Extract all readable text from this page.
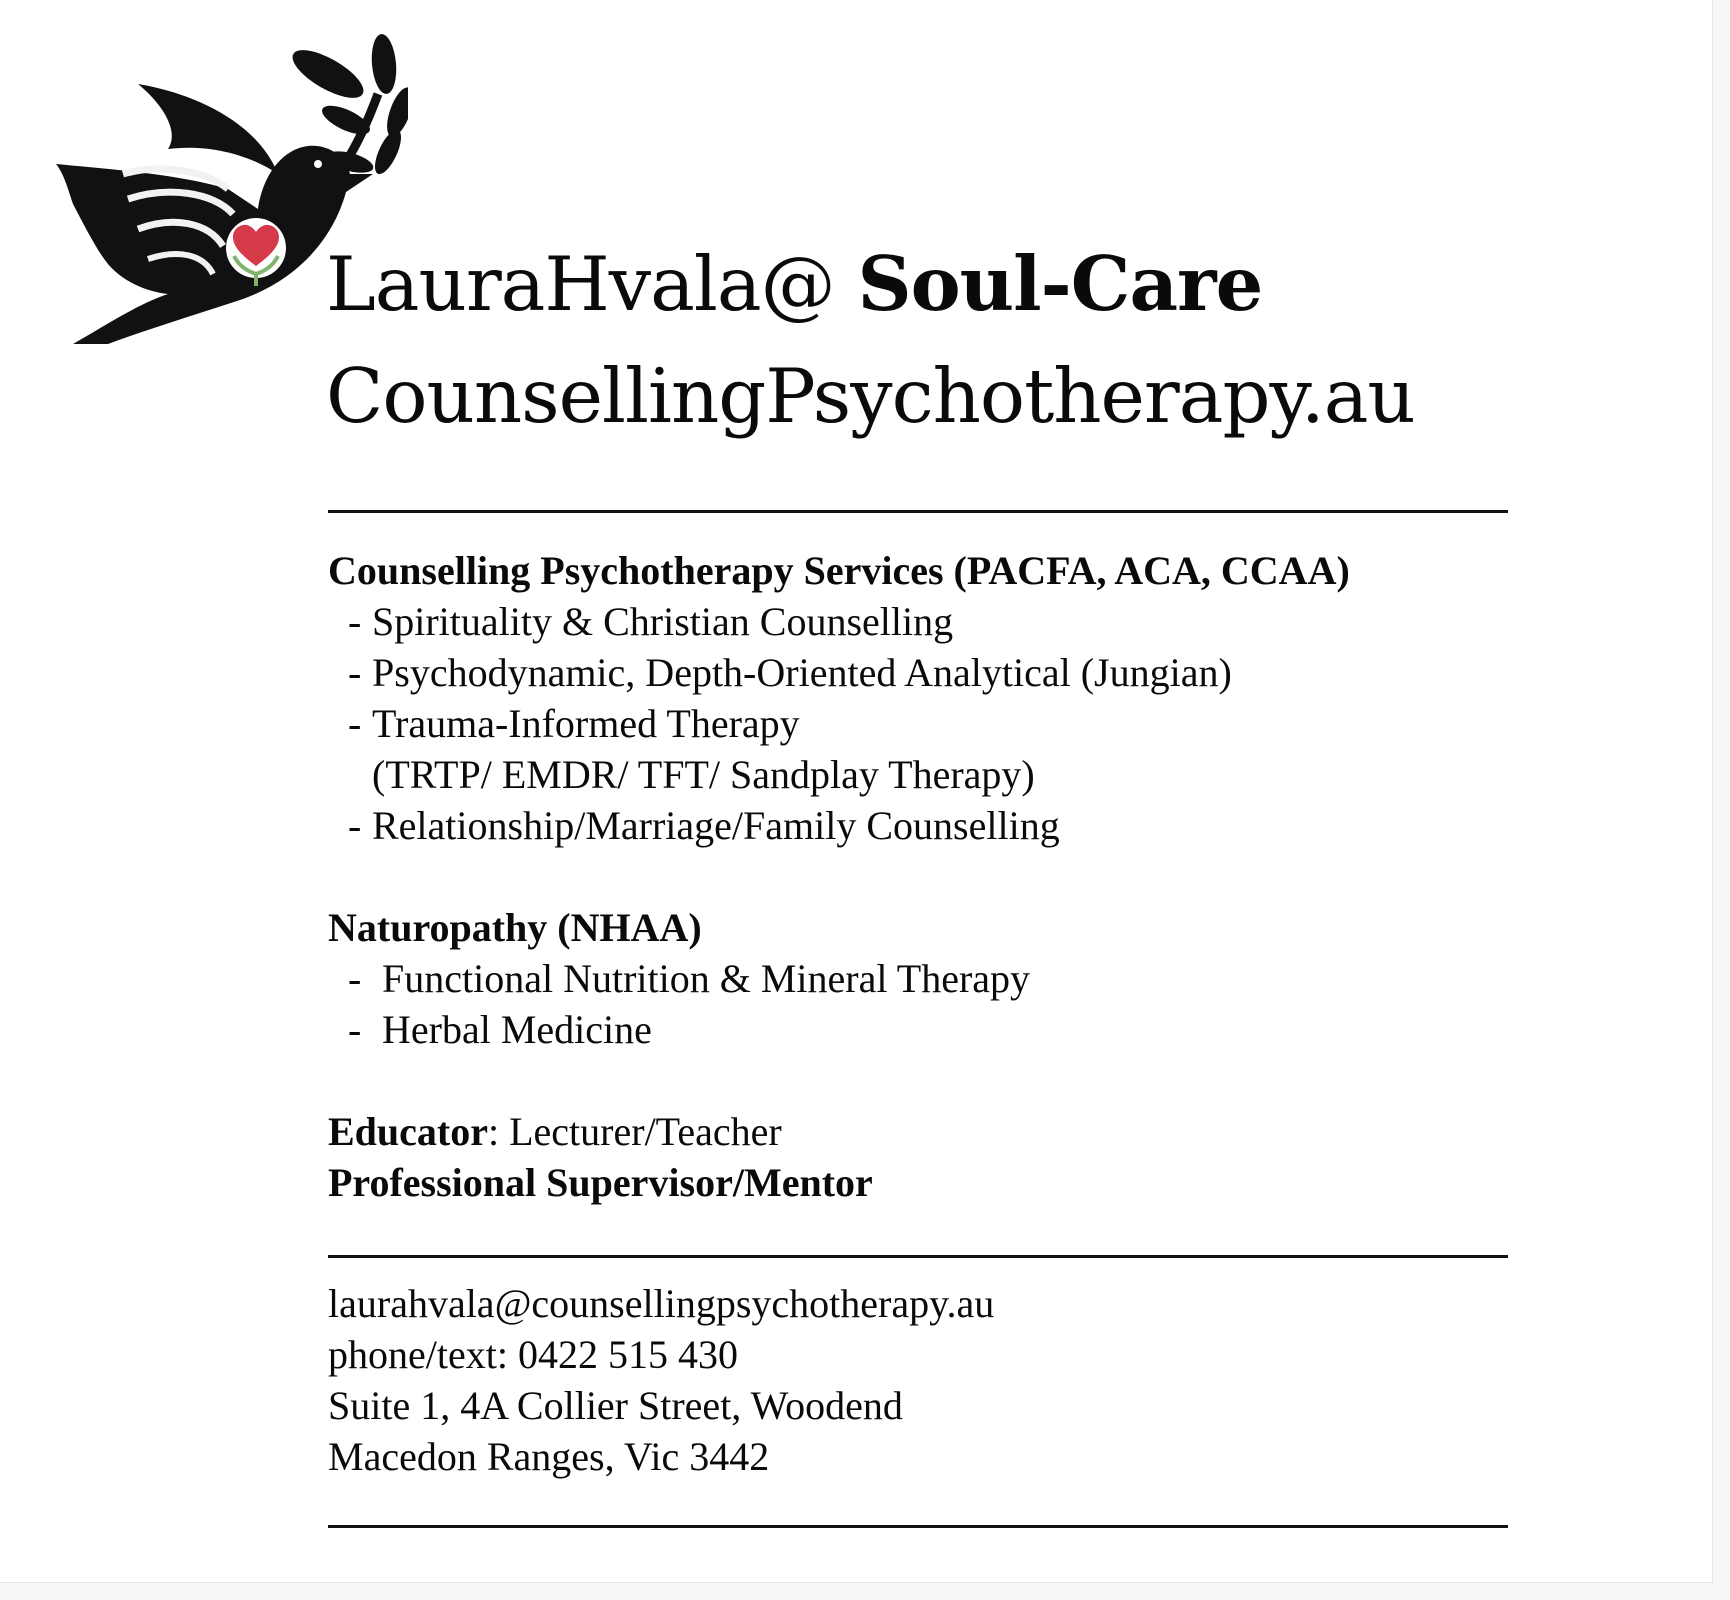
LauraHvala@ Soul-Care
CounsellingPsychotherapy.au
Counselling Psychotherapy Services (PACFA, ACA, CCAA)
- Spirituality & Christian Counselling
- Psychodynamic, Depth-Oriented Analytical (Jungian)
- Trauma-Informed Therapy
(TRTP/ EMDR/ TFT/ Sandplay Therapy)
- Relationship/Marriage/Family Counselling
Naturopathy (NHAA)
- Functional Nutrition & Mineral Therapy
- Herbal Medicine
Educator: Lecturer/Teacher
Professional Supervisor/Mentor
laurahvala@counsellingpsychotherapy.au
phone/text: 0422 515 430
Suite 1, 4A Collier Street, Woodend
Macedon Ranges, Vic 3442
